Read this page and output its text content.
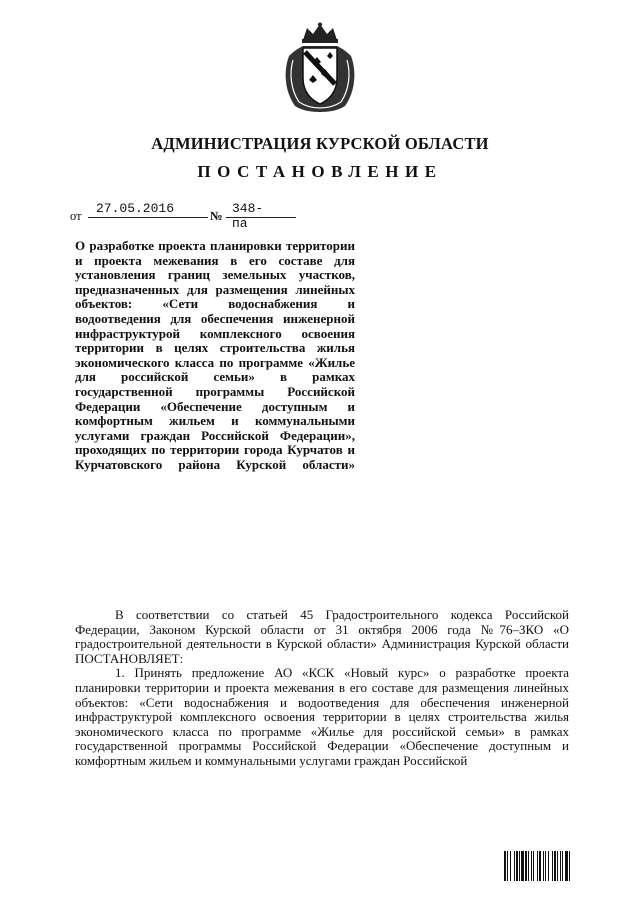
АДМИНИСТРАЦИЯ КУРСКОЙ ОБЛАСТИ
ПОСТАНОВЛЕНИЕ
от 27.05.2016	№ 348-па
О разработке проекта планировки территории и проекта межевания в его составе для установления границ земельных участков, предназначенных для размещения линейных объектов: «Сети водоснабжения и водоотведения для обеспечения инженерной инфраструктурой комплексного освоения территории в целях строительства жилья экономического класса по программе «Жилье для российской семьи» в рамках государственной программы Российской Федерации «Обеспечение доступным и комфортным жильем и коммунальными услугами граждан Российской Федерации», проходящих по территории города Курчатов и Курчатовского района Курской области»

В соответствии со статьей 45 Градостроительного кодекса Российской Федерации, Законом Курской области от 31 октября 2006 года №76–ЗКО «О градостроительной деятельности в Курской области» Администрация Курской области ПОСТАНОВЛЯЕТ:

1. Принять предложение АО «КСК «Новый курс» о разработке проекта планировки территории и проекта межевания в его составе для размещения линейных объектов: «Сети водоснабжения и водоотведения для обеспечения инженерной инфраструктурой комплексного освоения территории в целях строительства жилья экономического класса по программе «Жилье для российской семьи» в рамках государственной программы Российской Федерации «Обеспечение доступным и комфортным жильем и коммунальными услугами граждан Российской
